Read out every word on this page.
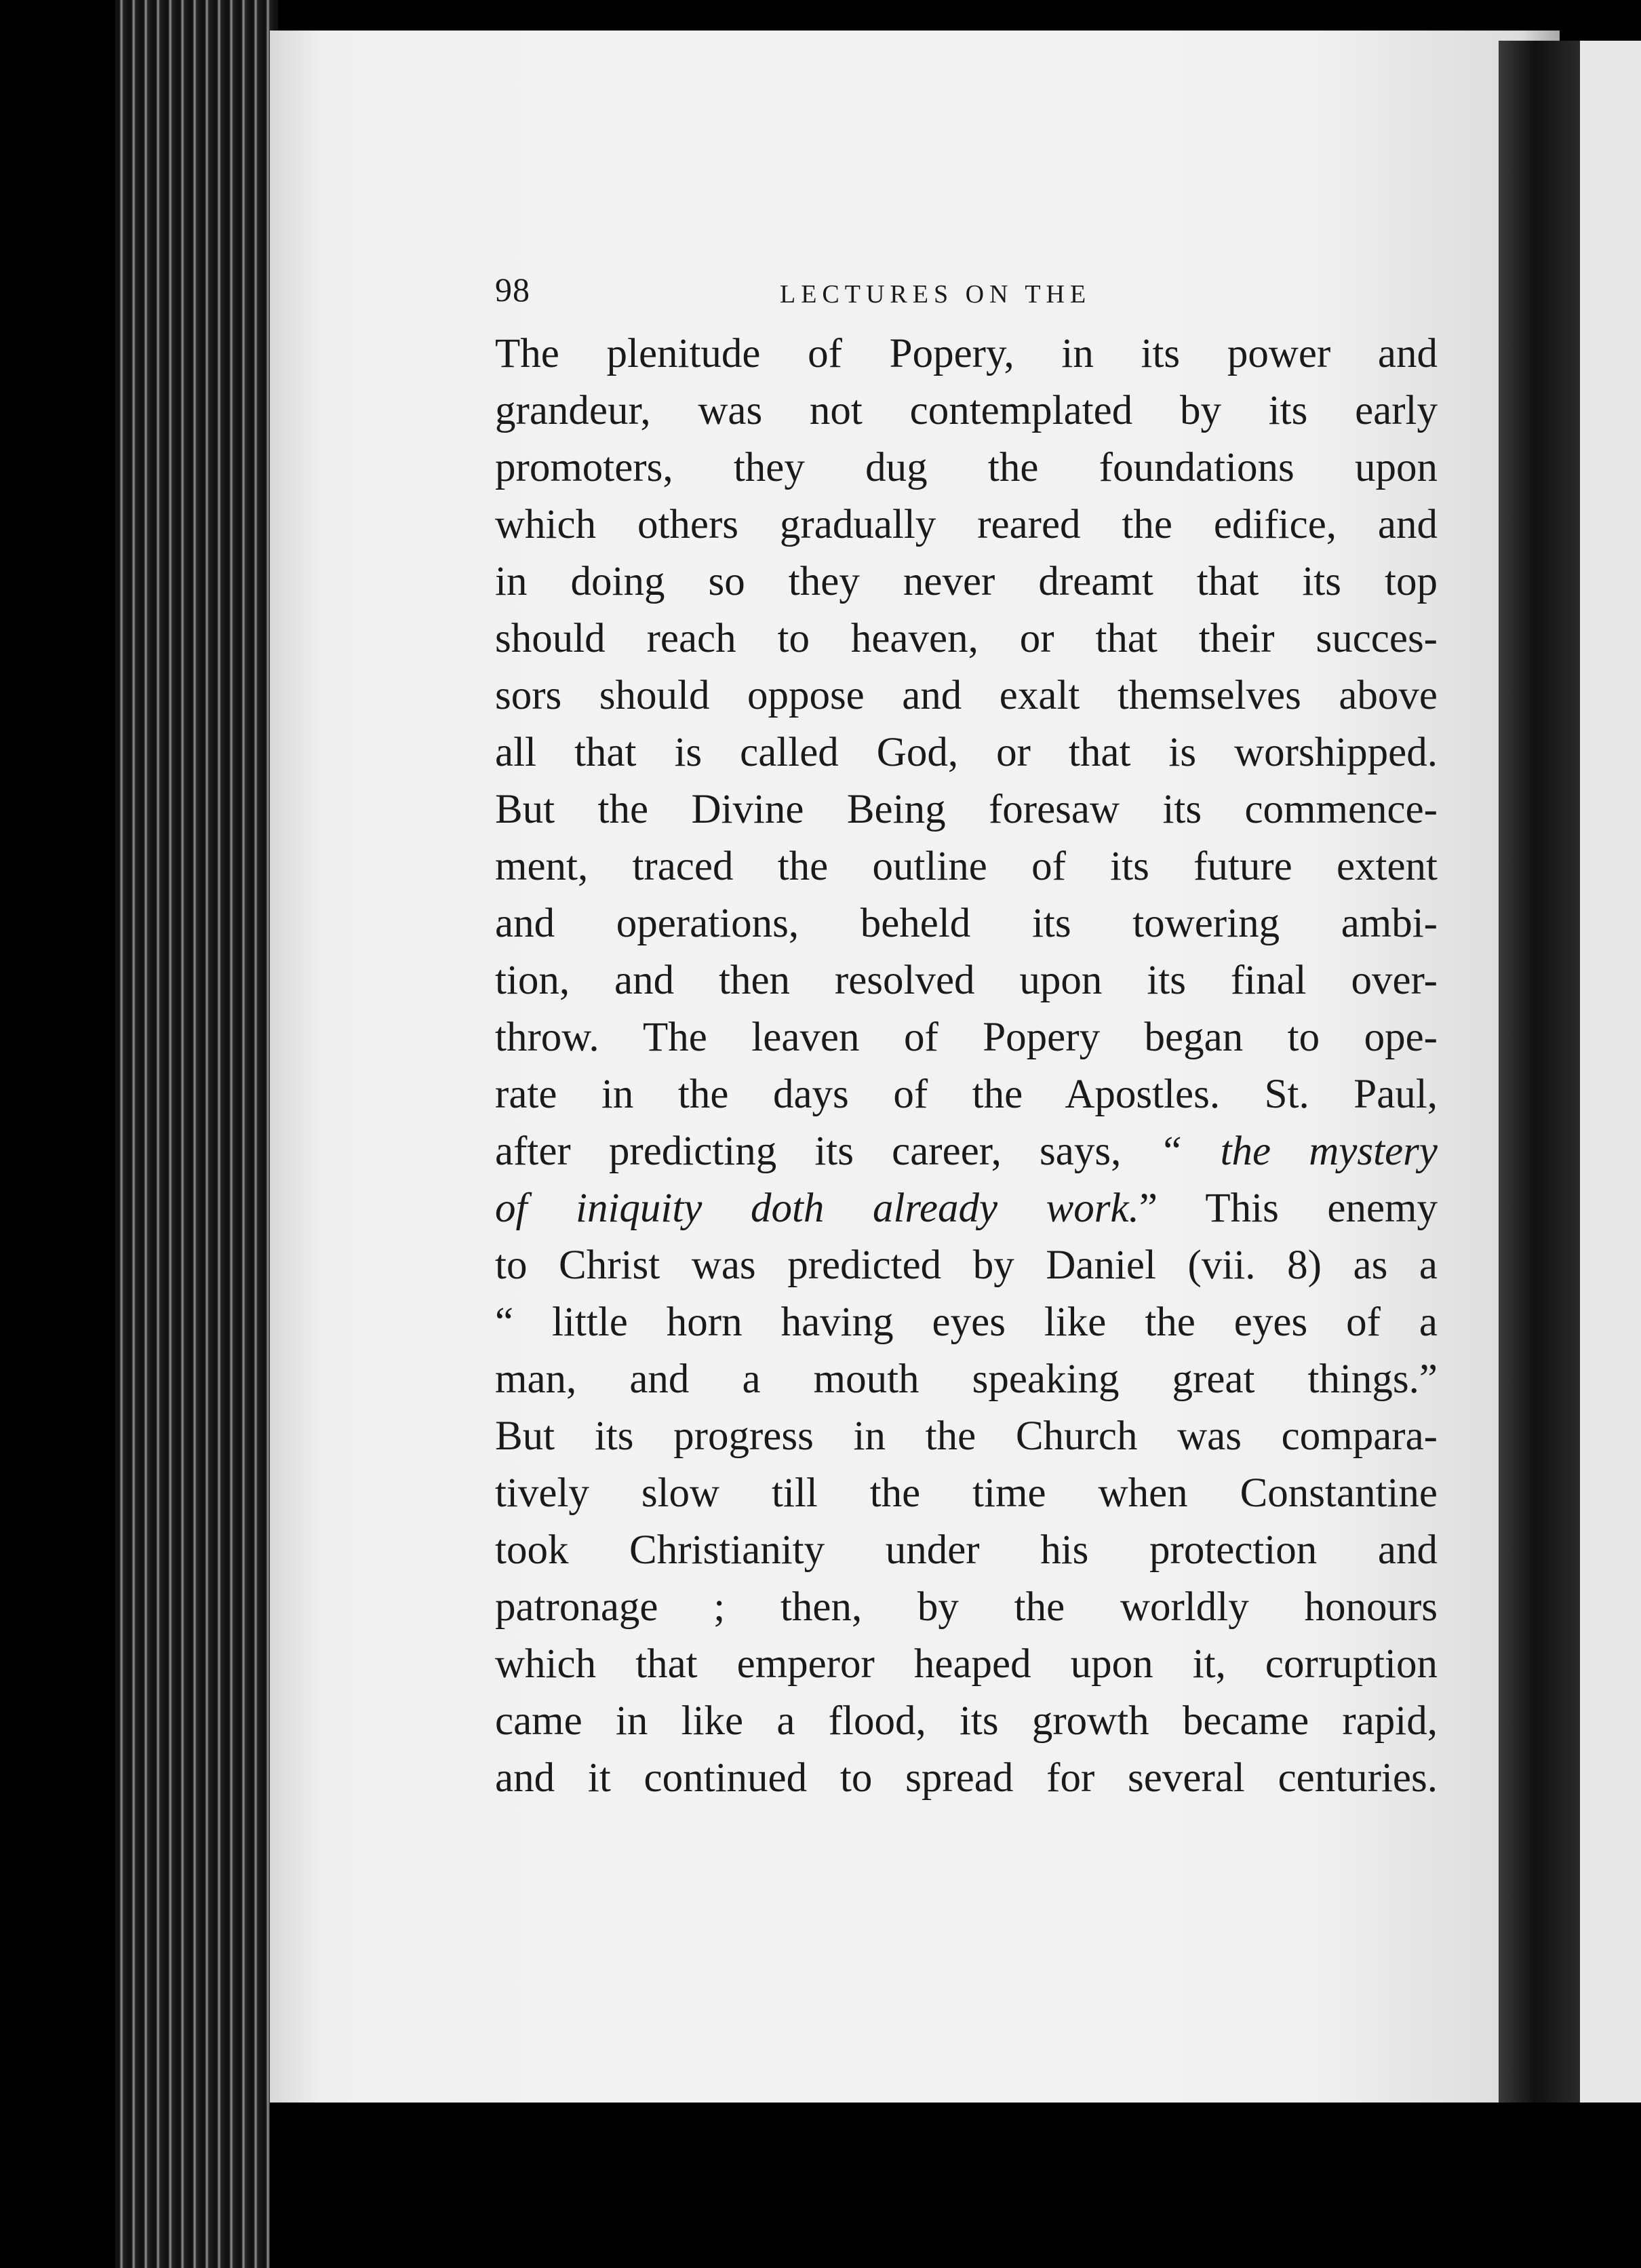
98	LECTURES ON THE
The plenitude of Popery, in its power and
grandeur, was not contemplated by its early
promoters, they dug the foundations upon
which others gradually reared the edifice, and
in doing so they never dreamt that its top
should reach to heaven, or that their succes-
sors should oppose and exalt themselves above
all that is called God, or that is worshipped.
But the Divine Being foresaw its commence-
ment, traced the outline of its future extent
and operations, beheld its towering ambi-
tion, and then resolved upon its final over-
throw. The leaven of Popery began to ope-
rate in the days of the Apostles. St. Paul,
after predicting its career, says, “ the mystery
of iniquity doth already work.” This enemy
to Christ was predicted by Daniel (vii. 8) as a
“ little horn having eyes like the eyes of a
man, and a mouth speaking great things.”
But its progress in the Church was compara-
tively slow till the time when Constantine
took Christianity under his protection and
patronage ; then, by the worldly honours
which that emperor heaped upon it, corruption
came in like a flood, its growth became rapid,
and it continued to spread for several centuries.
